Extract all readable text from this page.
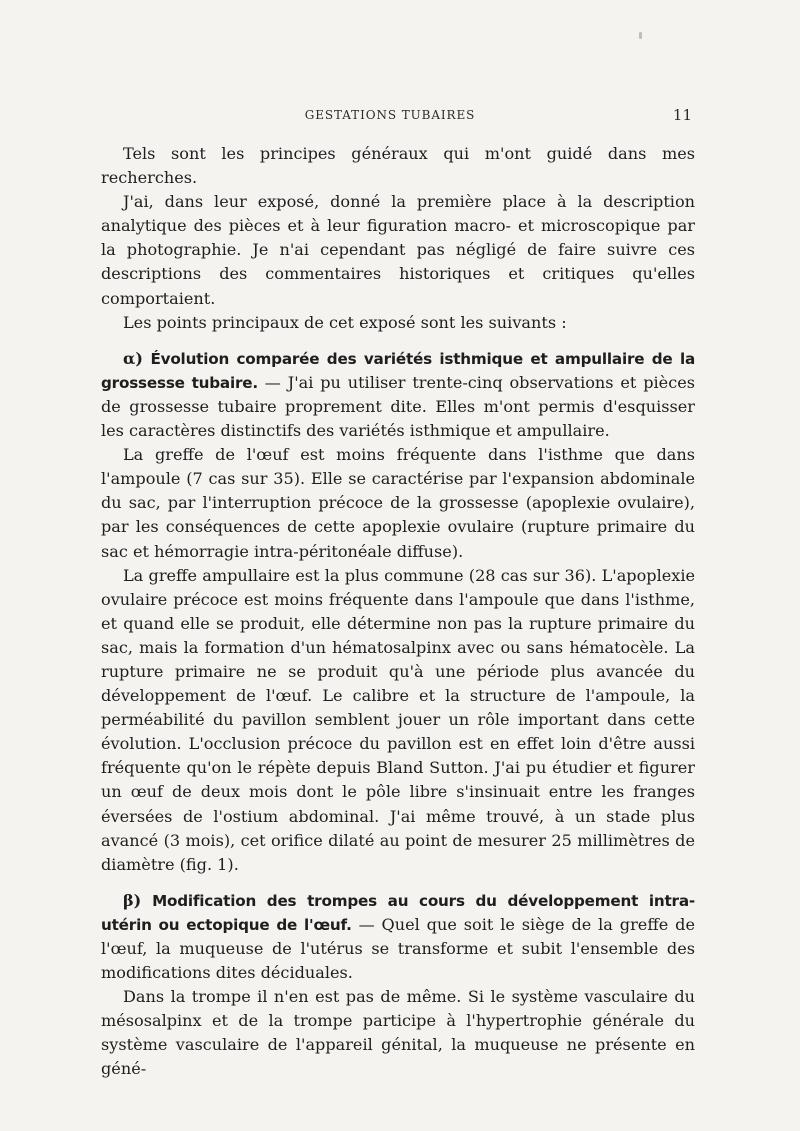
GESTATIONS TUBAIRES	11

Tels sont les principes généraux qui m'ont guidé dans mes recherches.

J'ai, dans leur exposé, donné la première place à la description analytique des pièces et à leur figuration macro- et microscopique par la photographie. Je n'ai cependant pas négligé de faire suivre ces descriptions des commentaires historiques et critiques qu'elles comportaient.

Les points principaux de cet exposé sont les suivants :

α) Évolution comparée des variétés isthmique et ampullaire de la grossesse tubaire. — J'ai pu utiliser trente-cinq observations et pièces de grossesse tubaire proprement dite. Elles m'ont permis d'esquisser les caractères distinctifs des variétés isthmique et ampullaire.

La greffe de l'œuf est moins fréquente dans l'isthme que dans l'ampoule (7 cas sur 35). Elle se caractérise par l'expansion abdominale du sac, par l'interruption précoce de la grossesse (apoplexie ovulaire), par les conséquences de cette apoplexie ovulaire (rupture primaire du sac et hémorragie intra-péritonéale diffuse).

La greffe ampullaire est la plus commune (28 cas sur 36). L'apoplexie ovulaire précoce est moins fréquente dans l'ampoule que dans l'isthme, et quand elle se produit, elle détermine non pas la rupture primaire du sac, mais la formation d'un hématosalpinx avec ou sans hématocèle. La rupture primaire ne se produit qu'à une période plus avancée du développement de l'œuf. Le calibre et la structure de l'ampoule, la perméabilité du pavillon semblent jouer un rôle important dans cette évolution. L'occlusion précoce du pavillon est en effet loin d'être aussi fréquente qu'on le répète depuis Bland Sutton. J'ai pu étudier et figurer un œuf de deux mois dont le pôle libre s'insinuait entre les franges éversées de l'ostium abdominal. J'ai même trouvé, à un stade plus avancé (3 mois), cet orifice dilaté au point de mesurer 25 millimètres de diamètre (fig. 1).

β) Modification des trompes au cours du développement intra-utérin ou ectopique de l'œuf. — Quel que soit le siège de la greffe de l'œuf, la muqueuse de l'utérus se transforme et subit l'ensemble des modifications dites déciduales.

Dans la trompe il n'en est pas de même. Si le système vasculaire du mésosalpinx et de la trompe participe à l'hypertrophie générale du système vasculaire de l'appareil génital, la muqueuse ne présente en géné-
